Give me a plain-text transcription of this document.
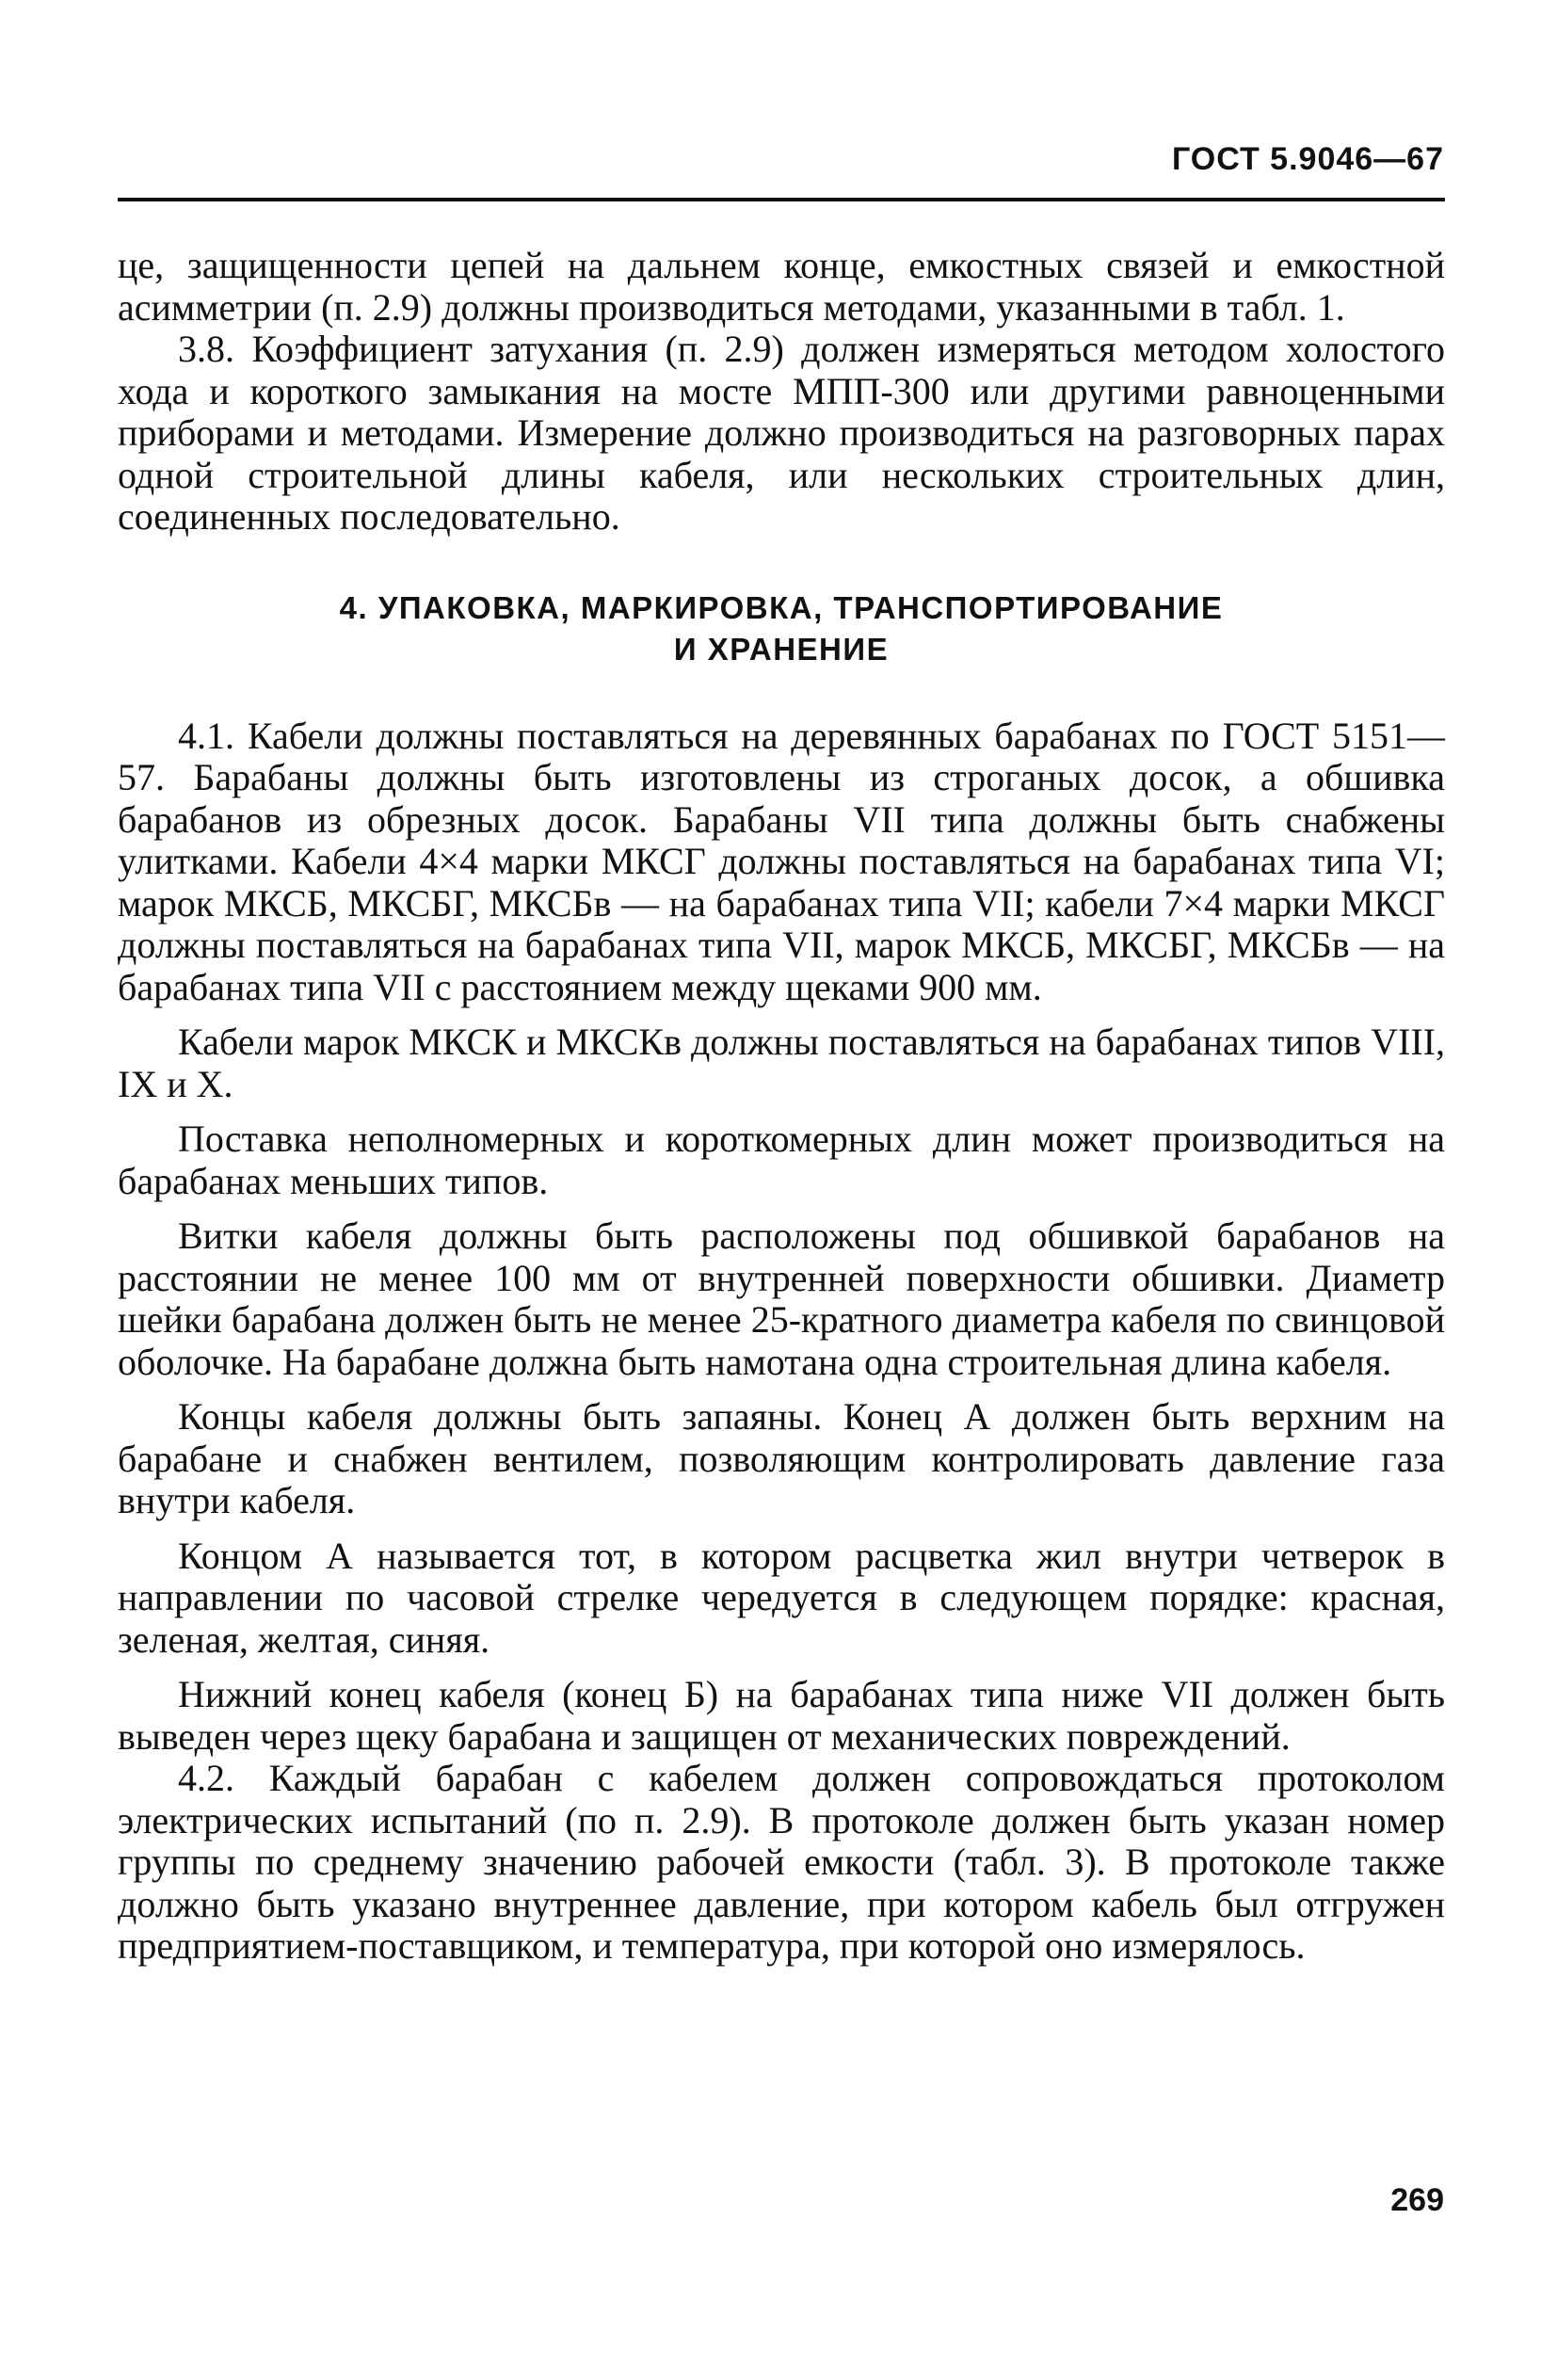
ГОСТ 5.9046—67

це, защищенности цепей на дальнем конце, емкостных связей и емкостной асимметрии (п. 2.9) должны производиться методами, указанными в табл. 1.

3.8. Коэффициент затухания (п. 2.9) должен измеряться методом холостого хода и короткого замыкания на мосте МПП-300 или другими равноценными приборами и методами. Измерение должно производиться на разговорных парах одной строительной длины кабеля, или нескольких строительных длин, соединенных последовательно.

4. УПАКОВКА, МАРКИРОВКА, ТРАНСПОРТИРОВАНИЕ
И ХРАНЕНИЕ

4.1. Кабели должны поставляться на деревянных барабанах по ГОСТ 5151—57. Барабаны должны быть изготовлены из строганых досок, а обшивка барабанов из обрезных досок. Барабаны VII типа должны быть снабжены улитками. Кабели 4×4 марки МКСГ должны поставляться на барабанах типа VI; марок МКСБ, МКСБГ, МКСБв — на барабанах типа VII; кабели 7×4 марки МКСГ должны поставляться на барабанах типа VII, марок МКСБ, МКСБГ, МКСБв — на барабанах типа VII с расстоянием между щеками 900 мм.

Кабели марок МКСК и МКСКв должны поставляться на барабанах типов VIII, IX и X.

Поставка неполномерных и короткомерных длин может производиться на барабанах меньших типов.

Витки кабеля должны быть расположены под обшивкой барабанов на расстоянии не менее 100 мм от внутренней поверхности обшивки. Диаметр шейки барабана должен быть не менее 25-кратного диаметра кабеля по свинцовой оболочке. На барабане должна быть намотана одна строительная длина кабеля.

Концы кабеля должны быть запаяны. Конец А должен быть верхним на барабане и снабжен вентилем, позволяющим контролировать давление газа внутри кабеля.

Концом А называется тот, в котором расцветка жил внутри четверок в направлении по часовой стрелке чередуется в следующем порядке: красная, зеленая, желтая, синяя.

Нижний конец кабеля (конец Б) на барабанах типа ниже VII должен быть выведен через щеку барабана и защищен от механических повреждений.

4.2. Каждый барабан с кабелем должен сопровождаться протоколом электрических испытаний (по п. 2.9). В протоколе должен быть указан номер группы по среднему значению рабочей емкости (табл. 3). В протоколе также должно быть указано внутреннее давление, при котором кабель был отгружен предприятием-поставщиком, и температура, при которой оно измерялось.

269
